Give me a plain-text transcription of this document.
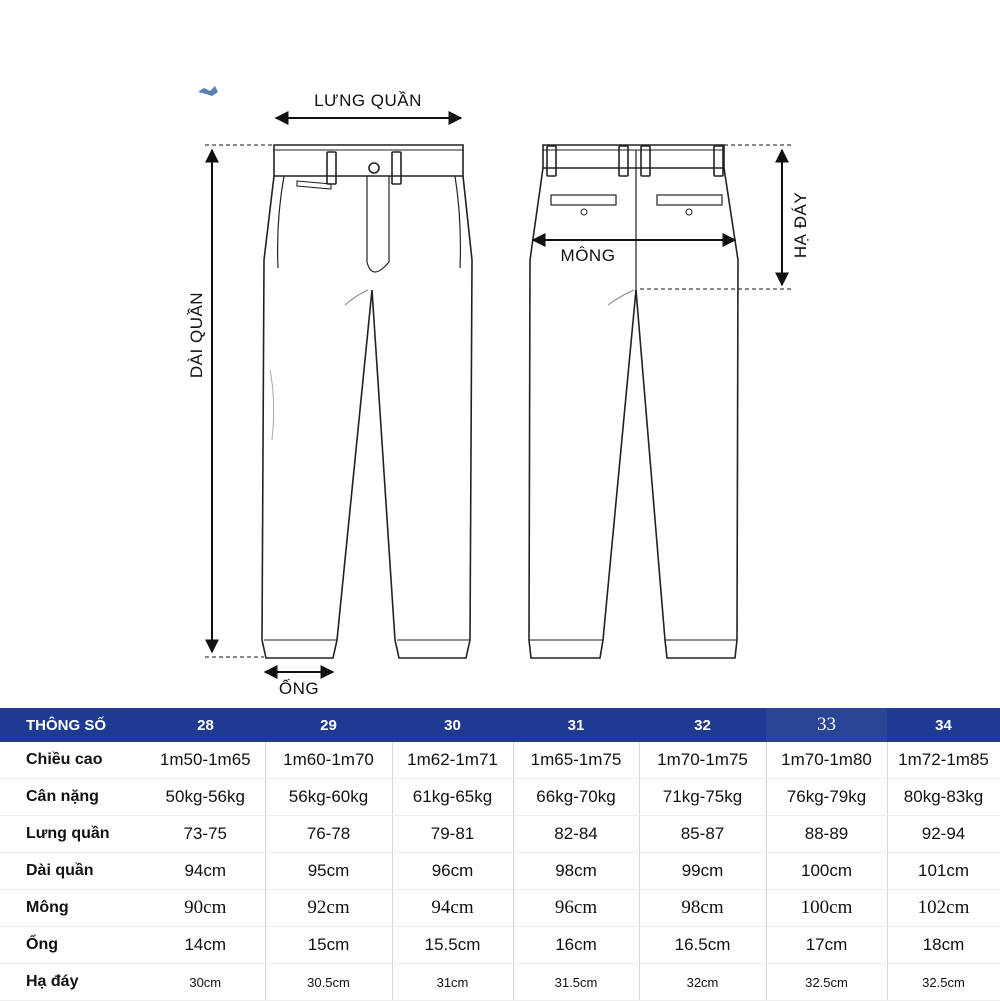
LƯNG QUẦN
DÀI QUẦN
ỐNG
MÔNG	HẠ ĐÁY
THÔNG SỐ	28	29	30	31	32	33	34
Chiều cao	1m50-1m65	1m60-1m70	1m62-1m71	1m65-1m75	1m70-1m75	1m70-1m80	1m72-1m85
Cân nặng	50kg-56kg	56kg-60kg	61kg-65kg	66kg-70kg	71kg-75kg	76kg-79kg	80kg-83kg
Lưng quần	73-75	76-78	79-81	82-84	85-87	88-89	92-94
Dài quần	94cm	95cm	96cm	98cm	99cm	100cm	101cm
Mông	90cm	92cm	94cm	96cm	98cm	100cm	102cm
Ống	14cm	15cm	15.5cm	16cm	16.5cm	17cm	18cm
Hạ đáy	30cm	30.5cm	31cm	31.5cm	32cm	32.5cm	32.5cm
